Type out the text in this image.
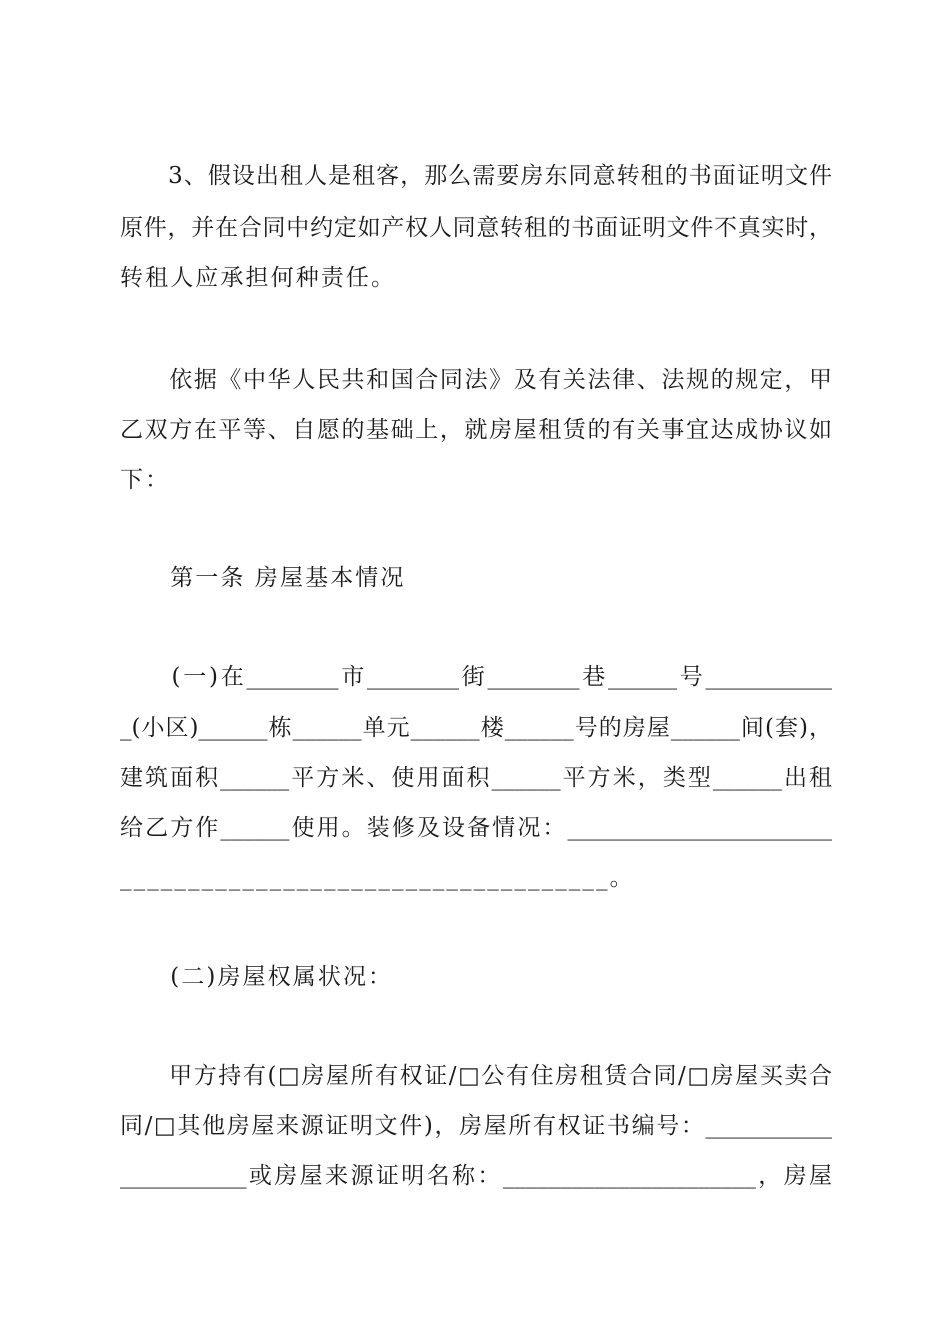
　　3、假设出租人是租客，那么需要房东同意转租的书面证明文件
原件，并在合同中约定如产权人同意转租的书面证明文件不真实时，
转租人应承担何种责任。
　　依据《中华人民共和国合同法》及有关法律、法规的规定，甲
乙双方在平等、自愿的基础上，就房屋租赁的有关事宜达成协议如
下：
　　第一条 房屋基本情况
　　(一)在________市________街________巷______号___________
_(小区)______栋______单元______楼______号的房屋______间(套)，
建筑面积______平方米、使用面积______平方米，类型______出租
给乙方作______使用。装修及设备情况：_______________________
____________________________________。
　　(二)房屋权属状况：
　　甲方持有(□房屋所有权证/□公有住房租赁合同/□房屋买卖合
同/□其他房屋来源证明文件)，房屋所有权证书编号：___________
___________或房屋来源证明名称：______________________，房屋
